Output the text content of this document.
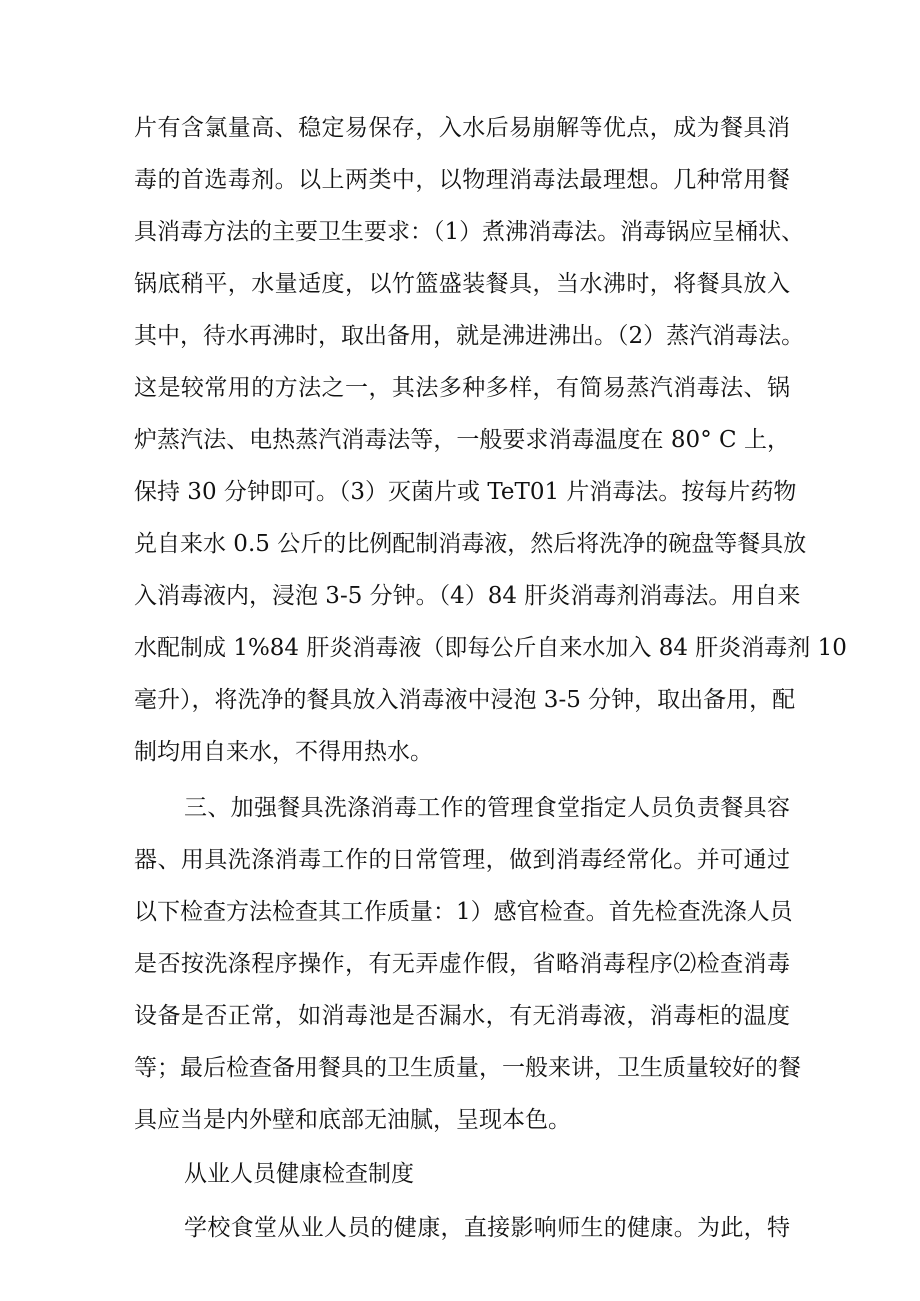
片有含氯量高、稳定易保存，入水后易崩解等优点，成为餐具消
毒的首选毒剂。以上两类中，以物理消毒法最理想。几种常用餐
具消毒方法的主要卫生要求：（1）煮沸消毒法。消毒锅应呈桶状、
锅底稍平，水量适度，以竹篮盛装餐具，当水沸时，将餐具放入
其中，待水再沸时，取出备用，就是沸进沸出。（2）蒸汽消毒法。
这是较常用的方法之一，其法多种多样，有简易蒸汽消毒法、锅
炉蒸汽法、电热蒸汽消毒法等，一般要求消毒温度在 80° C 上，
保持 30 分钟即可。（3）灭菌片或 TeT01 片消毒法。按每片药物
兑自来水 0.5 公斤的比例配制消毒液，然后将洗净的碗盘等餐具放
入消毒液内，浸泡 3-5 分钟。（4）84 肝炎消毒剂消毒法。用自来
水配制成 1%84 肝炎消毒液（即每公斤自来水加入 84 肝炎消毒剂 10
毫升），将洗净的餐具放入消毒液中浸泡 3-5 分钟，取出备用，配
制均用自来水，不得用热水。
三、加强餐具洗涤消毒工作的管理食堂指定人员负责餐具容
器、用具洗涤消毒工作的日常管理，做到消毒经常化。并可通过
以下检查方法检查其工作质量：1）感官检查。首先检查洗涤人员
是否按洗涤程序操作，有无弄虚作假，省略消毒程序⑵检查消毒
设备是否正常，如消毒池是否漏水，有无消毒液，消毒柜的温度
等；最后检查备用餐具的卫生质量，一般来讲，卫生质量较好的餐
具应当是内外壁和底部无油腻，呈现本色。
从业人员健康检查制度
学校食堂从业人员的健康，直接影响师生的健康。为此，特
